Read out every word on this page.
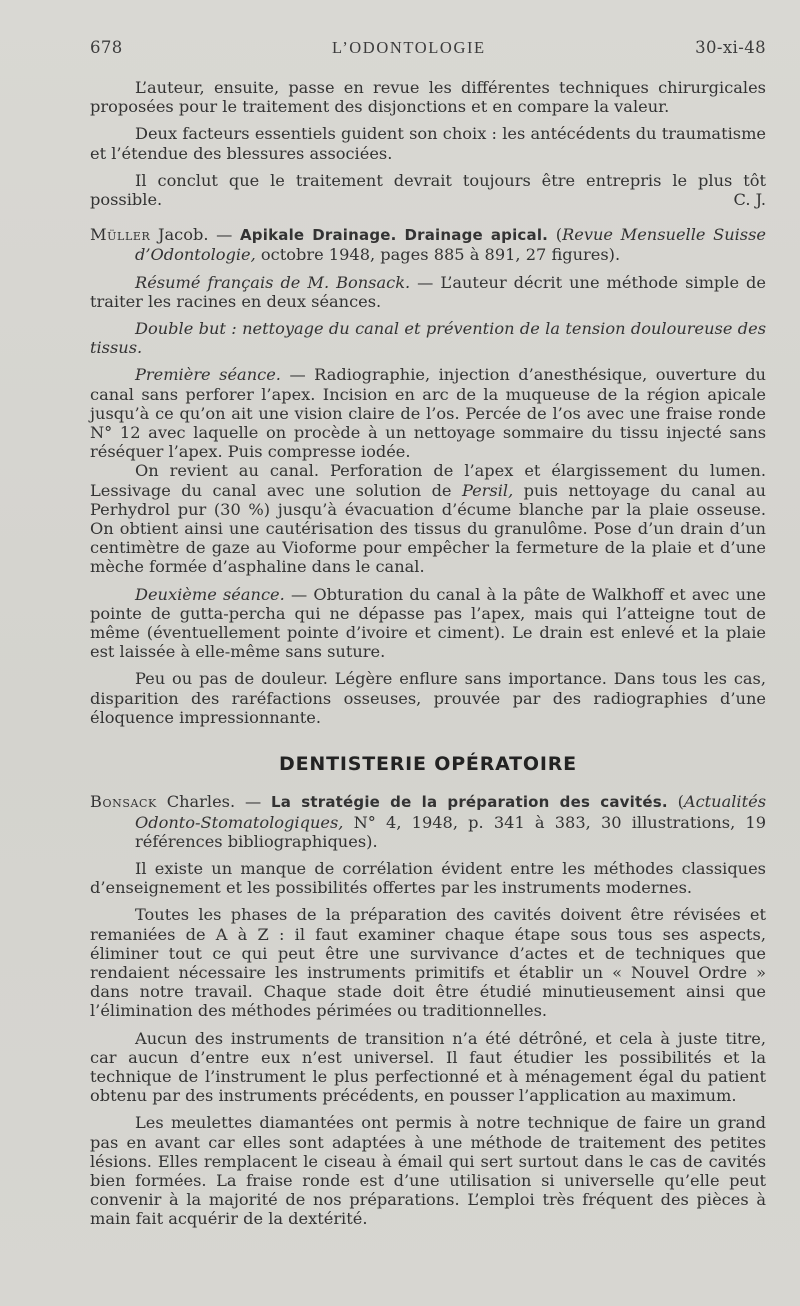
678	L’ODONTOLOGIE	30-xi-48

L’auteur, ensuite, passe en revue les différentes techniques chirurgicales proposées pour le traitement des disjonctions et en compare la valeur.

Deux facteurs essentiels guident son choix : les antécédents du traumatisme et l’étendue des blessures associées.

Il conclut que le traitement devrait toujours être entrepris le plus tôt possible.	C. J.

Müller Jacob. — Apikale Drainage. Drainage apical. (Revue Mensuelle Suisse d’Odontologie, octobre 1948, pages 885 à 891, 27 figures).

Résumé français de M. Bonsack. — L’auteur décrit une méthode simple de traiter les racines en deux séances.

Double but : nettoyage du canal et prévention de la tension douloureuse des tissus.

Première séance. — Radiographie, injection d’anesthésique, ouverture du canal sans perforer l’apex. Incision en arc de la muqueuse de la région apicale jusqu’à ce qu’on ait une vision claire de l’os. Percée de l’os avec une fraise ronde N° 12 avec laquelle on procède à un nettoyage sommaire du tissu injecté sans réséquer l’apex. Puis compresse iodée.

On revient au canal. Perforation de l’apex et élargissement du lumen. Lessivage du canal avec une solution de Persil, puis nettoyage du canal au Perhydrol pur (30 %) jusqu’à évacuation d’écume blanche par la plaie osseuse. On obtient ainsi une cautérisation des tissus du granulôme. Pose d’un drain d’un centimètre de gaze au Vioforme pour empêcher la fermeture de la plaie et d’une mèche formée d’asphaline dans le canal.

Deuxième séance. — Obturation du canal à la pâte de Walkhoff et avec une pointe de gutta-percha qui ne dépasse pas l’apex, mais qui l’atteigne tout de même (éventuellement pointe d’ivoire et ciment). Le drain est enlevé et la plaie est laissée à elle-même sans suture.

Peu ou pas de douleur. Légère enflure sans importance. Dans tous les cas, disparition des raréfactions osseuses, prouvée par des radiographies d’une éloquence impressionnante.

DENTISTERIE OPÉRATOIRE

Bonsack Charles. — La stratégie de la préparation des cavités. (Actualités Odonto-Stomatologiques, N° 4, 1948, p. 341 à 383, 30 illustrations, 19 références bibliographiques).

Il existe un manque de corrélation évident entre les méthodes classiques d’enseignement et les possibilités offertes par les instruments modernes.

Toutes les phases de la préparation des cavités doivent être révisées et remaniées de A à Z : il faut examiner chaque étape sous tous ses aspects, éliminer tout ce qui peut être une survivance d’actes et de techniques que rendaient nécessaire les instruments primitifs et établir un « Nouvel Ordre » dans notre travail. Chaque stade doit être étudié minutieusement ainsi que l’élimination des méthodes périmées ou traditionnelles.

Aucun des instruments de transition n’a été détrôné, et cela à juste titre, car aucun d’entre eux n’est universel. Il faut étudier les possibilités et la technique de l’instrument le plus perfectionné et à ménagement égal du patient obtenu par des instruments précédents, en pousser l’application au maximum.

Les meulettes diamantées ont permis à notre technique de faire un grand pas en avant car elles sont adaptées à une méthode de traitement des petites lésions. Elles remplacent le ciseau à émail qui sert surtout dans le cas de cavités bien formées. La fraise ronde est d’une utilisation si universelle qu’elle peut convenir à la majorité de nos préparations. L’emploi très fréquent des pièces à main fait acquérir de la dextérité.
